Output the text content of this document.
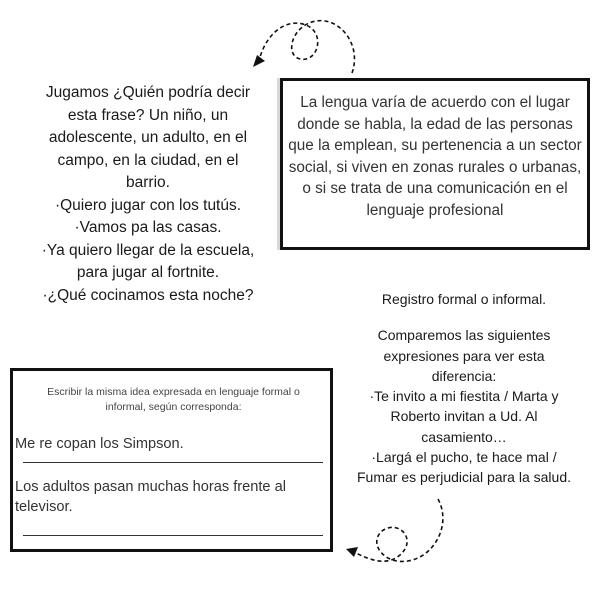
Jugamos ¿Quién podría decir
esta frase? Un niño, un
adolescente, un adulto, en el
campo, en la ciudad, en el
barrio.
·Quiero jugar con los tutús.
·Vamos pa las casas.
·Ya quiero llegar de la escuela,
para jugar al fortnite.
·¿Qué cocinamos esta noche?
La lengua varía de acuerdo con el lugar donde se habla, la edad de las personas que la emplean, su pertenencia a un sector social, si viven en zonas rurales o urbanas, o si se trata de una comunicación en el lenguaje profesional
Registro formal o informal.
Comparemos las siguientes
expresiones para ver esta
diferencia:
·Te invito a mi fiestita / Marta y
Roberto invitan a Ud. Al
casamiento…
·Largá el pucho, te hace mal /
Fumar es perjudicial para la salud.
Escribir la misma idea expresada en lenguaje formal o informal, según corresponda:
Me re copan los Simpson.
Los adultos pasan muchas horas frente al televisor.
